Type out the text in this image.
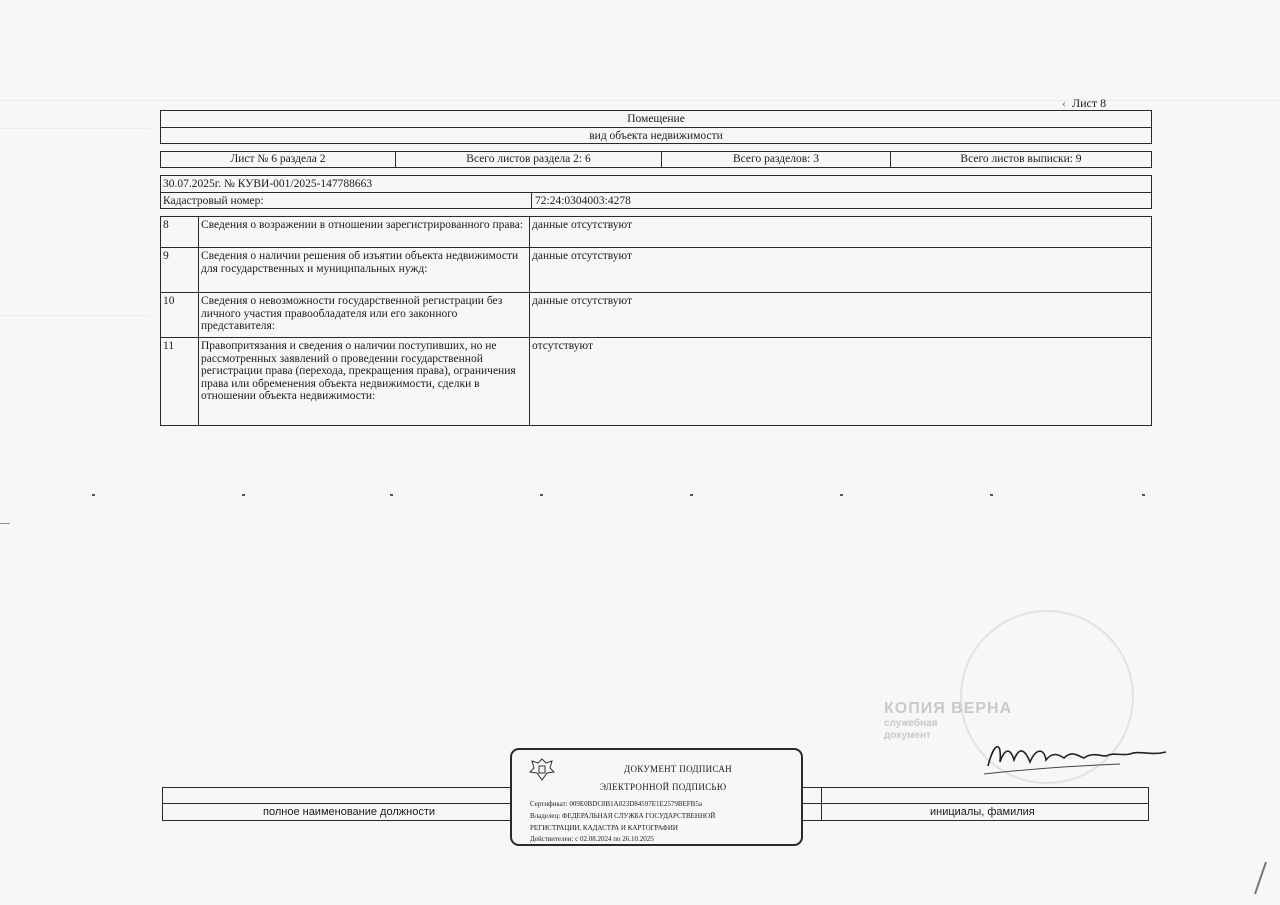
‹ Лист 8
Помещение
вид объекта недвижимости
Лист № 6 раздела 2	Всего листов раздела 2: 6	Всего разделов: 3	Всего листов выписки: 9
30.07.2025г. № КУВИ-001/2025-147788663
Кадастровый номер:	72:24:0304003:4278
8	Сведения о возражении в отношении зарегистрированного права:	данные отсутствуют
9	Сведения о наличии решения об изъятии объекта недвижимости для государственных и муниципальных нужд:	данные отсутствуют
10	Сведения о невозможности государственной регистрации без личного участия правообладателя или его законного представителя:	данные отсутствуют
11	Правопритязания и сведения о наличии поступивших, но не рассмотренных заявлений о проведении государственной регистрации права (перехода, прекращения права), ограничения права или обременения объекта недвижимости, сделки в отношении объекта недвижимости:	отсутствуют
КОПИЯ ВЕРНА
служебная
документ
полное наименование должности	инициалы, фамилия
ДОКУМЕНТ ПОДПИСАН
ЭЛЕКТРОННОЙ ПОДПИСЬЮ
Сертификат: 009E0BDC8B1A023D84597E1E2579BEFB5a
Владелец: ФЕДЕРАЛЬНАЯ СЛУЖБА ГОСУДАРСТВЕННОЙ
РЕГИСТРАЦИИ, КАДАСТРА И КАРТОГРАФИИ
Действителен: с 02.08.2024 по 26.10.2025
